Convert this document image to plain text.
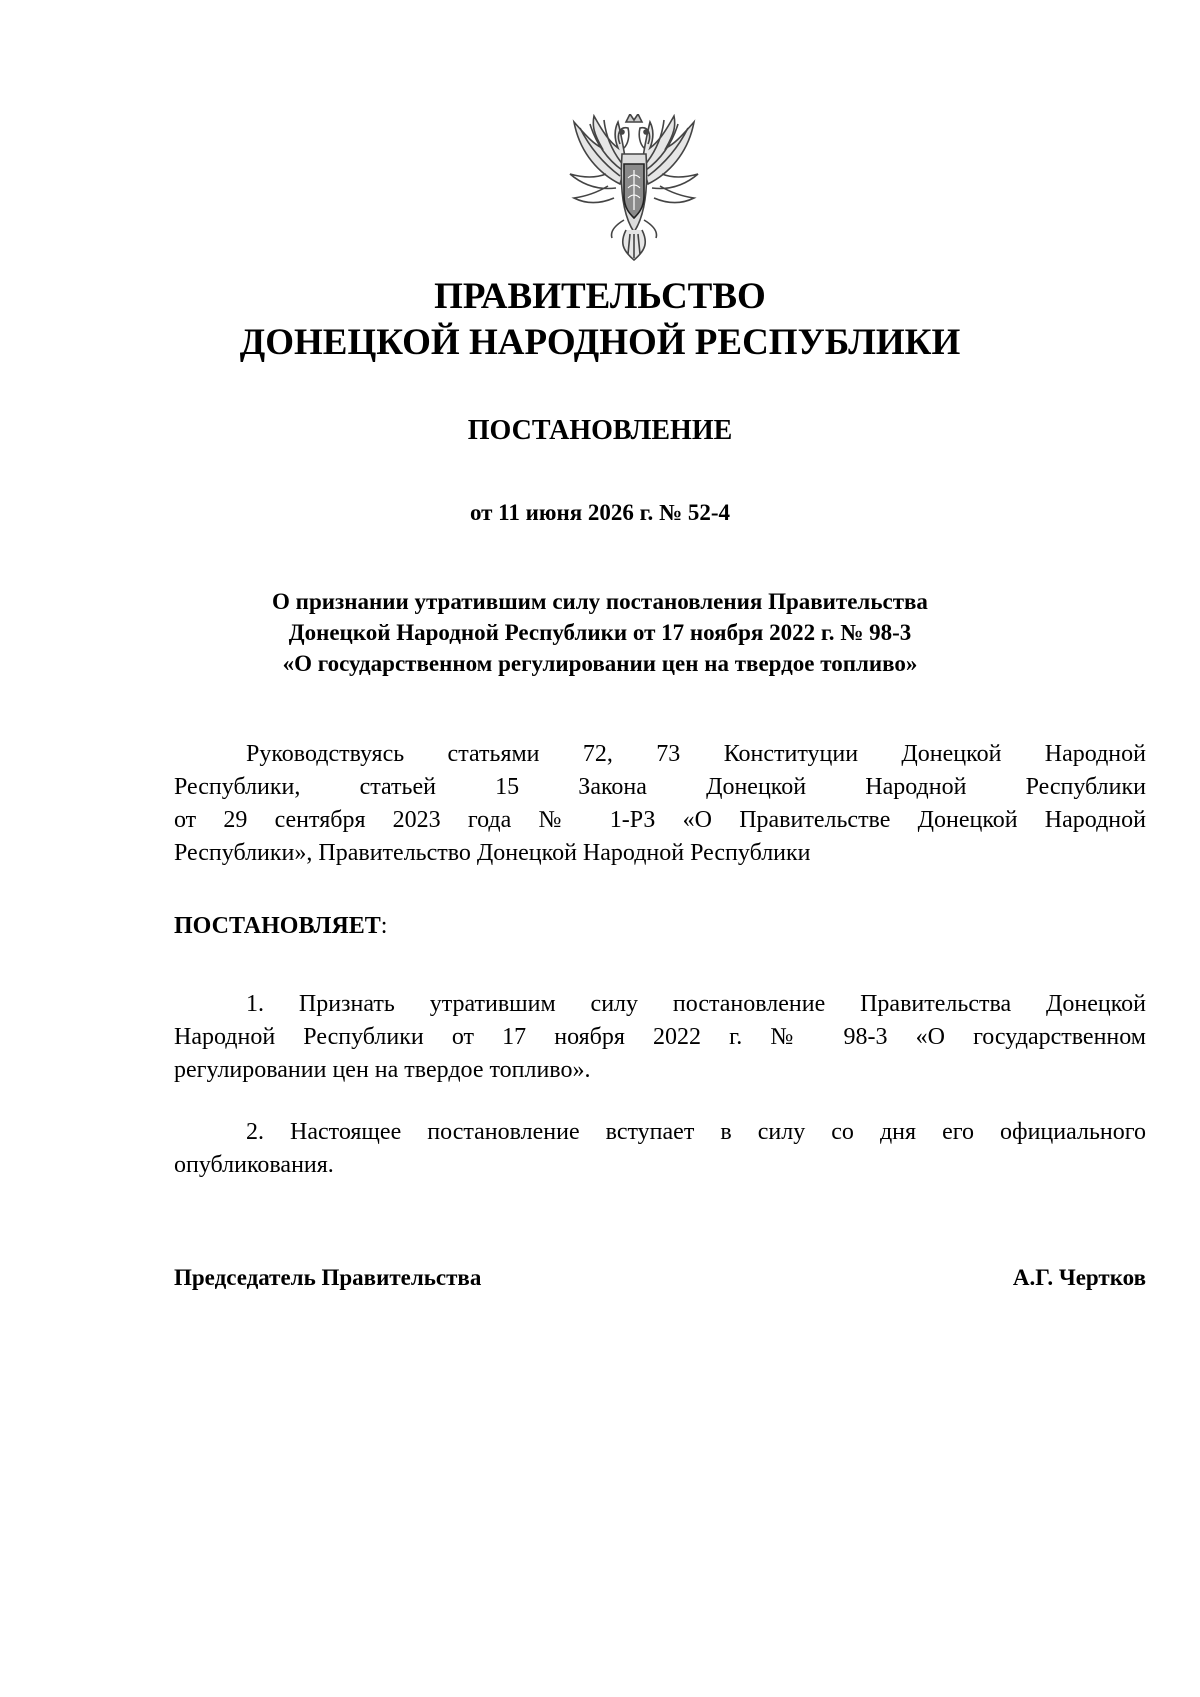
ПРАВИТЕЛЬСТВО
ДОНЕЦКОЙ НАРОДНОЙ РЕСПУБЛИКИ
ПОСТАНОВЛЕНИЕ
от 11 июня 2026 г. № 52-4
О признании утратившим силу постановления Правительства
Донецкой Народной Республики от 17 ноября 2022 г. № 98-3
«О государственном регулировании цен на твердое топливо»
Руководствуясь статьями 72, 73 Конституции Донецкой Народной
Республики, статьей 15 Закона Донецкой Народной Республики
от 29 сентября 2023 года № 1-РЗ «О Правительстве Донецкой Народной
Республики», Правительство Донецкой Народной Республики
ПОСТАНОВЛЯЕТ:
1. Признать утратившим силу постановление Правительства Донецкой
Народной Республики от 17 ноября 2022 г. № 98-3 «О государственном
регулировании цен на твердое топливо».
2. Настоящее постановление вступает в силу со дня его официального
опубликования.
Председатель Правительства	А.Г. Чертков
